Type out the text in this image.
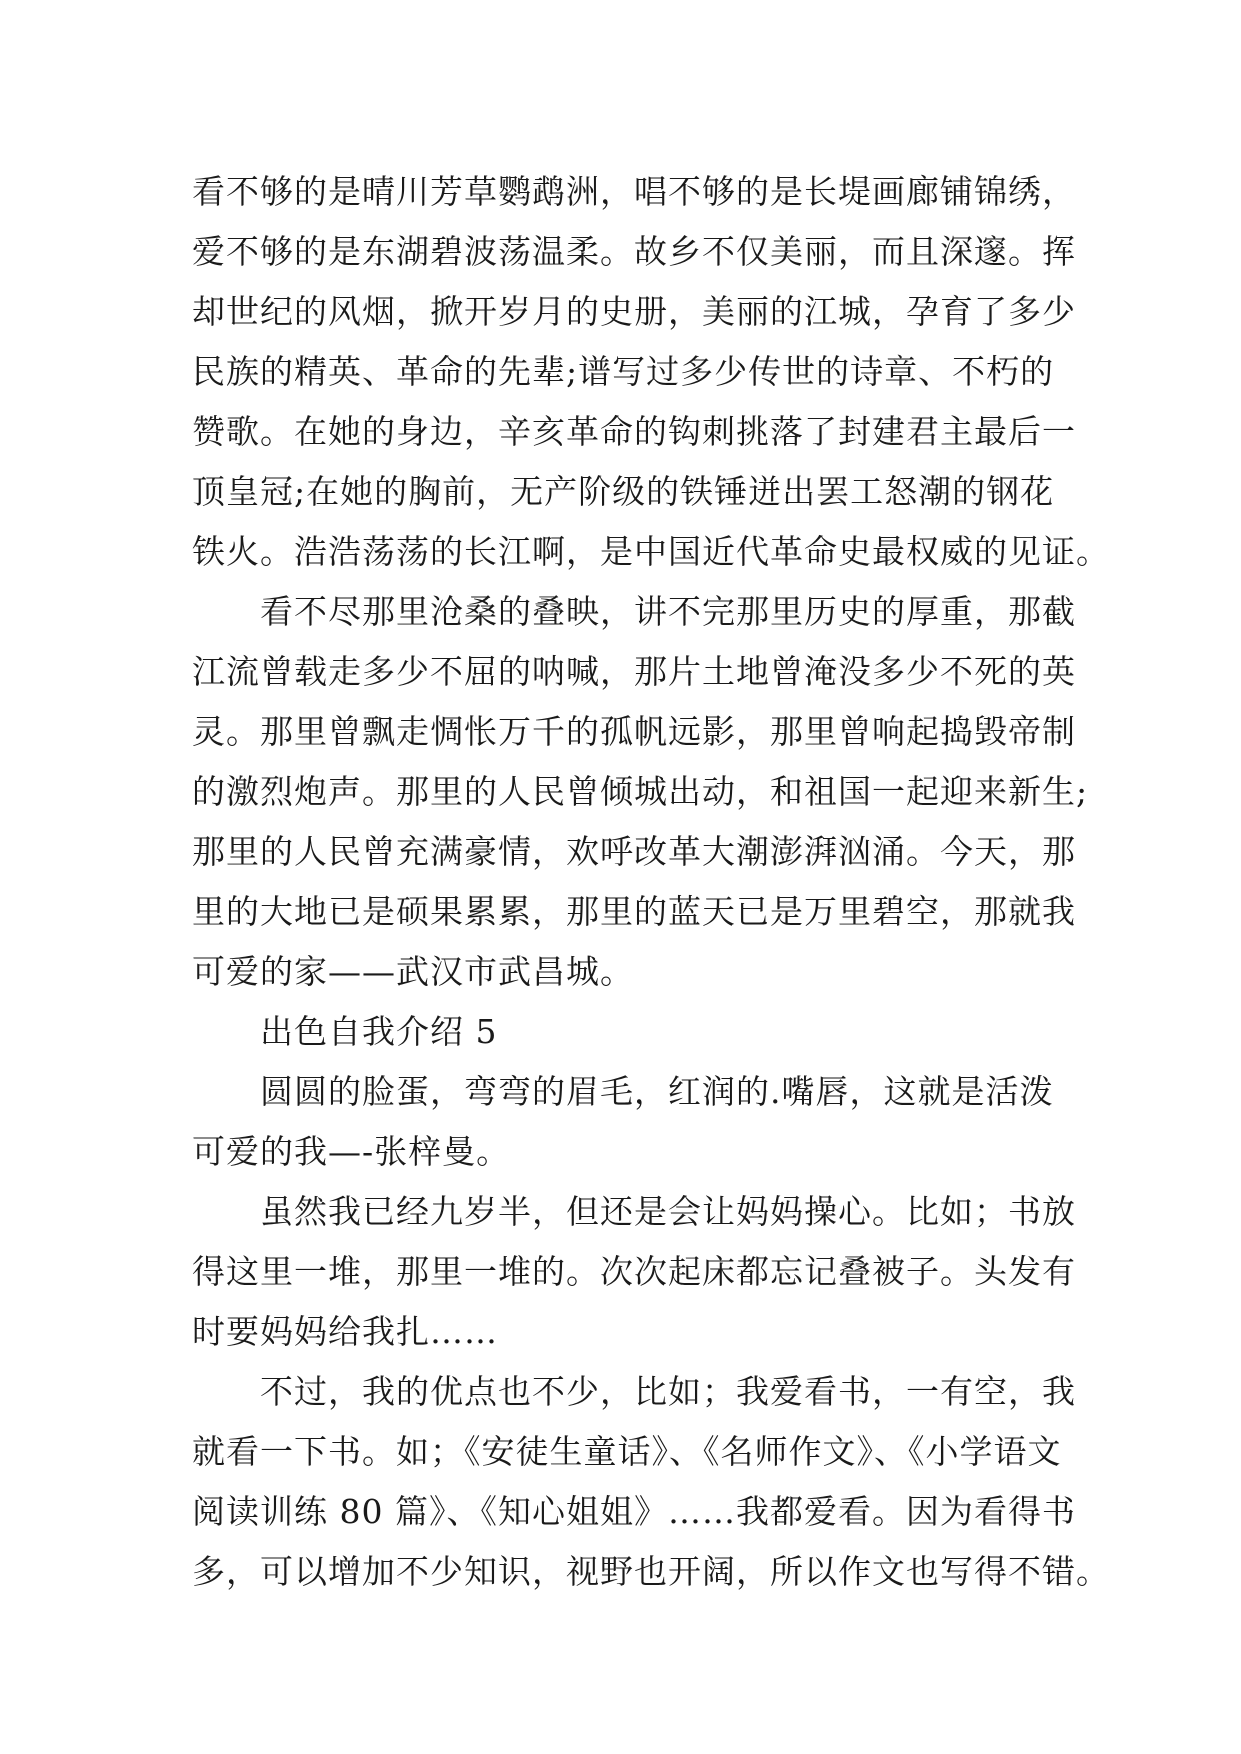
看不够的是晴川芳草鹦鹉洲，唱不够的是长堤画廊铺锦绣，
爱不够的是东湖碧波荡温柔。故乡不仅美丽，而且深邃。挥
却世纪的风烟，掀开岁月的史册，美丽的江城，孕育了多少
民族的精英、革命的先辈;谱写过多少传世的诗章、不朽的
赞歌。在她的身边，辛亥革命的钩刺挑落了封建君主最后一
顶皇冠;在她的胸前，无产阶级的铁锤迸出罢工怒潮的钢花
铁火。浩浩荡荡的长江啊，是中国近代革命史最权威的见证。
看不尽那里沧桑的叠映，讲不完那里历史的厚重，那截
江流曾载走多少不屈的呐喊，那片土地曾淹没多少不死的英
灵。那里曾飘走惆怅万千的孤帆远影，那里曾响起捣毁帝制
的激烈炮声。那里的人民曾倾城出动，和祖国一起迎来新生;
那里的人民曾充满豪情，欢呼改革大潮澎湃汹涌。今天，那
里的大地已是硕果累累，那里的蓝天已是万里碧空，那就我
可爱的家——武汉市武昌城。
出色自我介绍 5
圆圆的脸蛋，弯弯的眉毛，红润的.嘴唇，这就是活泼
可爱的我—-张梓曼。
虽然我已经九岁半，但还是会让妈妈操心。比如；书放
得这里一堆，那里一堆的。次次起床都忘记叠被子。头发有
时要妈妈给我扎……
不过，我的优点也不少，比如；我爱看书，一有空，我
就看一下书。如；《安徒生童话》、《名师作文》、《小学语文
阅读训练 80 篇》、《知心姐姐》……我都爱看。因为看得书
多，可以增加不少知识，视野也开阔，所以作文也写得不错。
